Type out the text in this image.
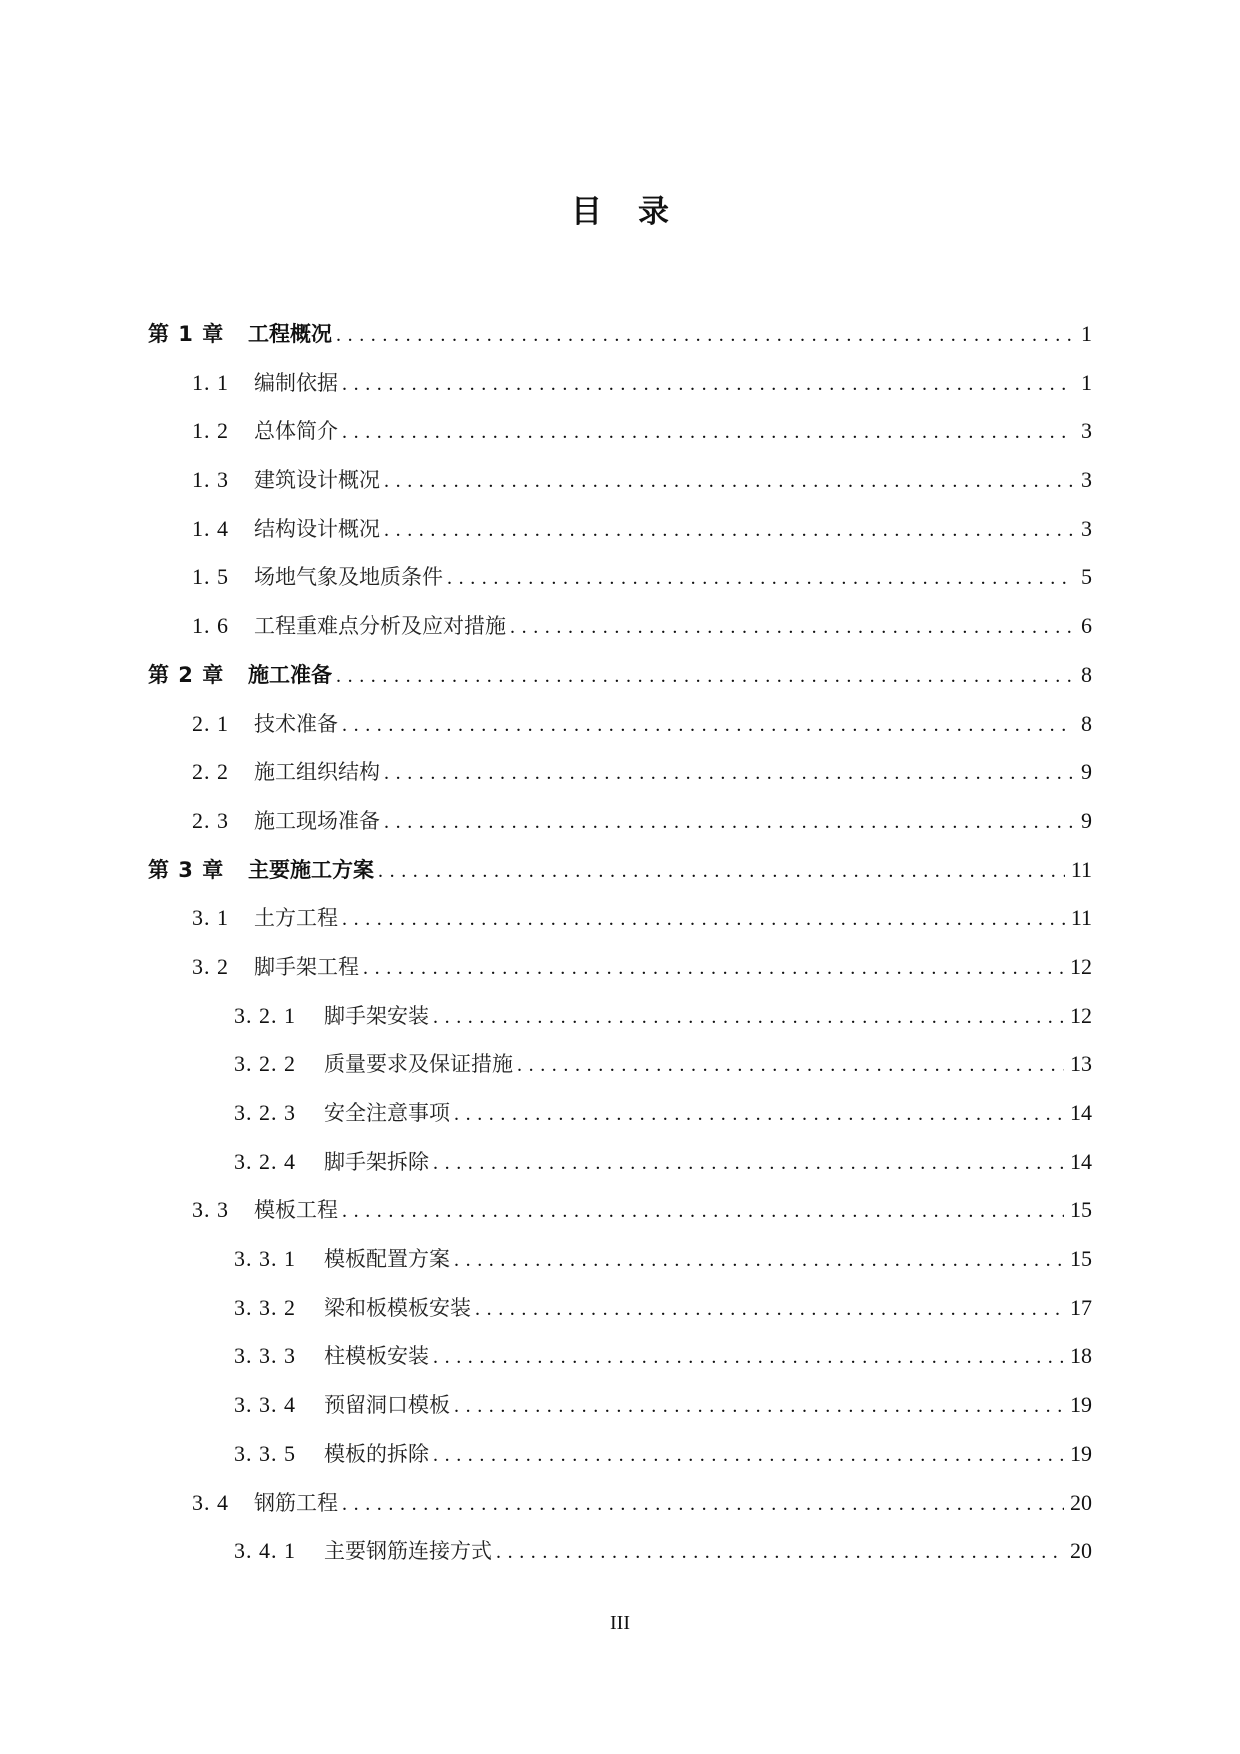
目录
第 1 章	工程概况 .....	1
1. 1	编制依据 .....	1
1. 2	总体简介 .....	3
1. 3	建筑设计概况 .....	3
1. 4	结构设计概况 .....	3
1. 5	场地气象及地质条件 .....	5
1. 6	工程重难点分析及应对措施 .....	6
第 2 章	施工准备 .....	8
2. 1	技术准备 .....	8
2. 2	施工组织结构 .....	9
2. 3	施工现场准备 .....	9
第 3 章	主要施工方案 .....	11
3. 1	土方工程 .....	11
3. 2	脚手架工程 .....	12
3. 2. 1	脚手架安装 .....	12
3. 2. 2	质量要求及保证措施 .....	13
3. 2. 3	安全注意事项 .....	14
3. 2. 4	脚手架拆除 .....	14
3. 3	模板工程 .....	15
3. 3. 1	模板配置方案 .....	15
3. 3. 2	梁和板模板安装 .....	17
3. 3. 3	柱模板安装 .....	18
3. 3. 4	预留洞口模板 .....	19
3. 3. 5	模板的拆除 .....	19
3. 4	钢筋工程 .....	20
3. 4. 1	主要钢筋连接方式 .....	20
III
